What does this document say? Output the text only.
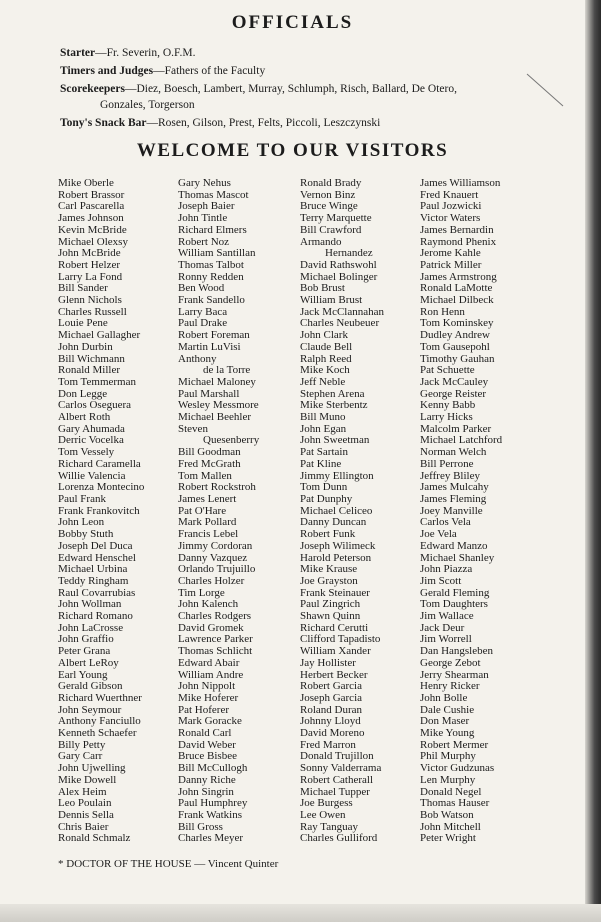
OFFICIALS
Starter—Fr. Severin, O.F.M.
Timers and Judges—Fathers of the Faculty
Scorekeepers—Diez, Boesch, Lambert, Murray, Schlumph, Risch, Ballard, De Otero,
Gonzales, Torgerson
Tony's Snack Bar—Rosen, Gilson, Prest, Felts, Piccoli, Leszczynski
WELCOME TO OUR VISITORS
Mike Oberle
Robert Brassor
Carl Pascarella
James Johnson
Kevin McBride
Michael Olexsy
John McBride
Robert Helzer
Larry La Fond
Bill Sander
Glenn Nichols
Charles Russell
Louie Pene
Michael Gallagher
John Durbin
Bill Wichmann
Ronald Miller
Tom Temmerman
Don Legge
Carlos Oseguera
Albert Roth
Gary Ahumada
Derric Vocelka
Tom Vessely
Richard Caramella
Willie Valencia
Lorenza Montecino
Paul Frank
Frank Frankovitch
John Leon
Bobby Stuth
Joseph Del Duca
Edward Henschel
Michael Urbina
Teddy Ringham
Raul Covarrubias
John Wollman
Richard Romano
John LaCrosse
John Graffio
Peter Grana
Albert LeRoy
Earl Young
Gerald Gibson
Richard Wuerthner
John Seymour
Anthony Fanciullo
Kenneth Schaefer
Billy Petty
Gary Carr
John Ujwelling
Mike Dowell
Alex Heim
Leo Poulain
Dennis Sella
Chris Baier
Ronald Schmalz
Gary Nehus
Thomas Mascot
Joseph Baier
John Tintle
Richard Elmers
Robert Noz
William Santillan
Thomas Talbot
Ronny Redden
Ben Wood
Frank Sandello
Larry Baca
Paul Drake
Robert Foreman
Martin LuVisi
Anthony
de la Torre
Michael Maloney
Paul Marshall
Wesley Messmore
Michael Beehler
Steven
Quesenberry
Bill Goodman
Fred McGrath
Tom Mallen
Robert Rockstroh
James Lenert
Pat O'Hare
Mark Pollard
Francis Lebel
Jimmy Cordoran
Danny Vazquez
Orlando Trujuillo
Charles Holzer
Tim Lorge
John Kalench
Charles Rodgers
David Gromek
Lawrence Parker
Thomas Schlicht
Edward Abair
William Andre
John Nippolt
Mike Hoferer
Pat Hoferer
Mark Goracke
Ronald Carl
David Weber
Bruce Bisbee
Bill McCullogh
Danny Riche
John Singrin
Paul Humphrey
Frank Watkins
Bill Gross
Charles Meyer
Ronald Brady
Vernon Binz
Bruce Winge
Terry Marquette
Bill Crawford
Armando
Hernandez
David Rathswohl
Michael Bolinger
Bob Brust
William Brust
Jack McClannahan
Charles Neubeuer
John Clark
Claude Bell
Ralph Reed
Mike Koch
Jeff Neble
Stephen Arena
Mike Sterbentz
Bill Muno
John Egan
John Sweetman
Pat Sartain
Pat Kline
Jimmy Ellington
Tom Dunn
Pat Dunphy
Michael Celiceo
Danny Duncan
Robert Funk
Joseph Wilimeck
Harold Peterson
Mike Krause
Joe Grayston
Frank Steinauer
Paul Zingrich
Shawn Quinn
Richard Cerutti
Clifford Tapadisto
William Xander
Jay Hollister
Herbert Becker
Robert Garcia
Joseph Garcia
Roland Duran
Johnny Lloyd
David Moreno
Fred Marron
Donald Trujillon
Sonny Valderrama
Robert Catherall
Michael Tupper
Joe Burgess
Lee Owen
Ray Tanguay
Charles Gulliford
James Williamson
Fred Knauert
Paul Jozwicki
Victor Waters
James Bernardin
Raymond Phenix
Jerome Kahle
Patrick Miller
James Armstrong
Ronald LaMotte
Michael Dilbeck
Ron Henn
Tom Kominskey
Dudley Andrew
Tom Gausepohl
Timothy Gauhan
Pat Schuette
Jack McCauley
George Reister
Kenny Babb
Larry Hicks
Malcolm Parker
Michael Latchford
Norman Welch
Bill Perrone
Jeffrey Bliley
James Mulcahy
James Fleming
Joey Manville
Carlos Vela
Joe Vela
Edward Manzo
Michael Shanley
John Piazza
Jim Scott
Gerald Fleming
Tom Daughters
Jim Wallace
Jack Deur
Jim Worrell
Dan Hangsleben
George Zebot
Jerry Shearman
Henry Ricker
John Bolle
Dale Cushie
Don Maser
Mike Young
Robert Mermer
Phil Murphy
Victor Gudzunas
Len Murphy
Donald Negel
Thomas Hauser
Bob Watson
John Mitchell
Peter Wright
* DOCTOR OF THE HOUSE — Vincent Quinter
